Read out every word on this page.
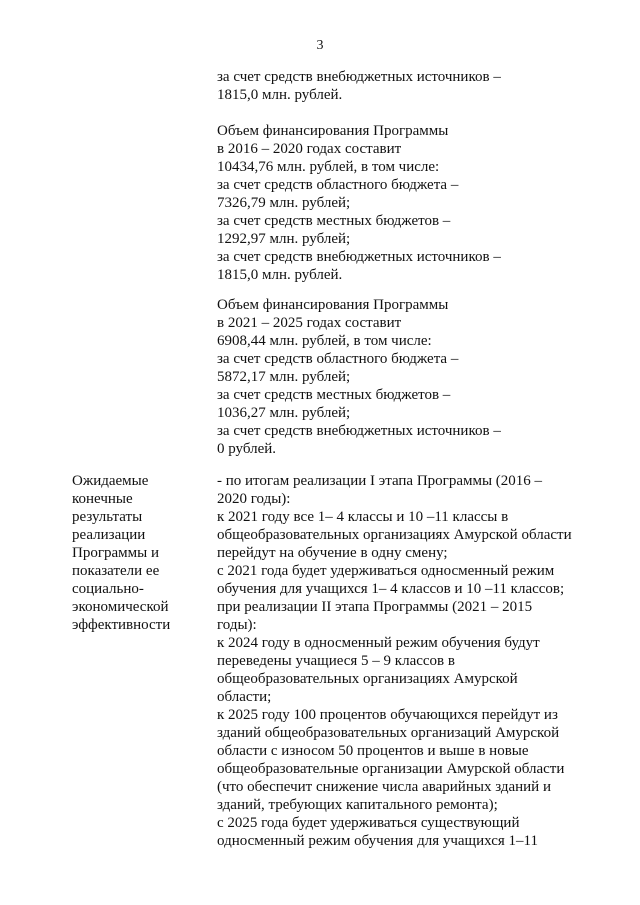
3
Ожидаемые
конечные
результаты
реализации
Программы и
показатели ее
социально-
экономической
эффективности
за счет средств внебюджетных источников –
1815,0 млн. рублей.
Объем финансирования Программы
в 2016 – 2020 годах составит
10434,76 млн. рублей, в том числе:
за счет средств областного бюджета –
7326,79 млн. рублей;
за счет средств местных бюджетов –
1292,97 млн. рублей;
за счет средств внебюджетных источников –
1815,0 млн. рублей.
Объем финансирования Программы
в 2021 – 2025 годах составит
6908,44 млн. рублей, в том числе:
за счет средств областного бюджета –
5872,17 млн. рублей;
за счет средств местных бюджетов –
1036,27 млн. рублей;
за счет средств внебюджетных источников –
0 рублей.
- по итогам реализации I этапа Программы (2016 –
2020 годы):
к 2021 году все 1– 4 классы и 10 –11 классы в
общеобразовательных организациях Амурской области
перейдут на обучение в одну смену;
с 2021 года будет удерживаться односменный режим
обучения для учащихся 1– 4 классов и 10 –11 классов;
при реализации II этапа Программы (2021 – 2015
годы):
к 2024 году в односменный режим обучения будут
переведены учащиеся 5 – 9 классов в
общеобразовательных организациях Амурской
области;
к 2025 году 100 процентов обучающихся перейдут из
зданий общеобразовательных организаций Амурской
области с износом 50 процентов и выше в новые
общеобразовательные организации Амурской области
(что обеспечит снижение числа аварийных зданий и
зданий, требующих капитального ремонта);
с 2025 года будет удерживаться существующий
односменный режим обучения для учащихся 1–11
